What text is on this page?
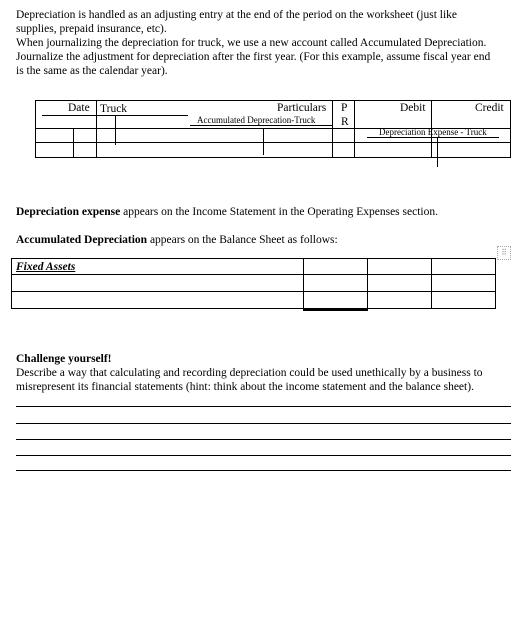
Depreciation is handled as an adjusting entry at the end of the period on the worksheet (just like
supplies, prepaid insurance, etc).
When journalizing the depreciation for truck, we use a new account called Accumulated Depreciation.
Journalize the adjustment for depreciation after the first year. (For this example, assume fiscal year end
is the same as the calendar year).
Date Truck	Particulars P
R
Debit	Credit
Accumulated Deprecation-Truck
Depreciation Expense - Truck
Depreciation expense appears on the Income Statement in the Operating Expenses section.
Accumulated Depreciation appears on the Balance Sheet as follows:
⠿
Fixed Assets
Challenge yourself!
Describe a way that calculating and recording depreciation could be used unethically by a business to
misrepresent its financial statements (hint: think about the income statement and the balance sheet).
